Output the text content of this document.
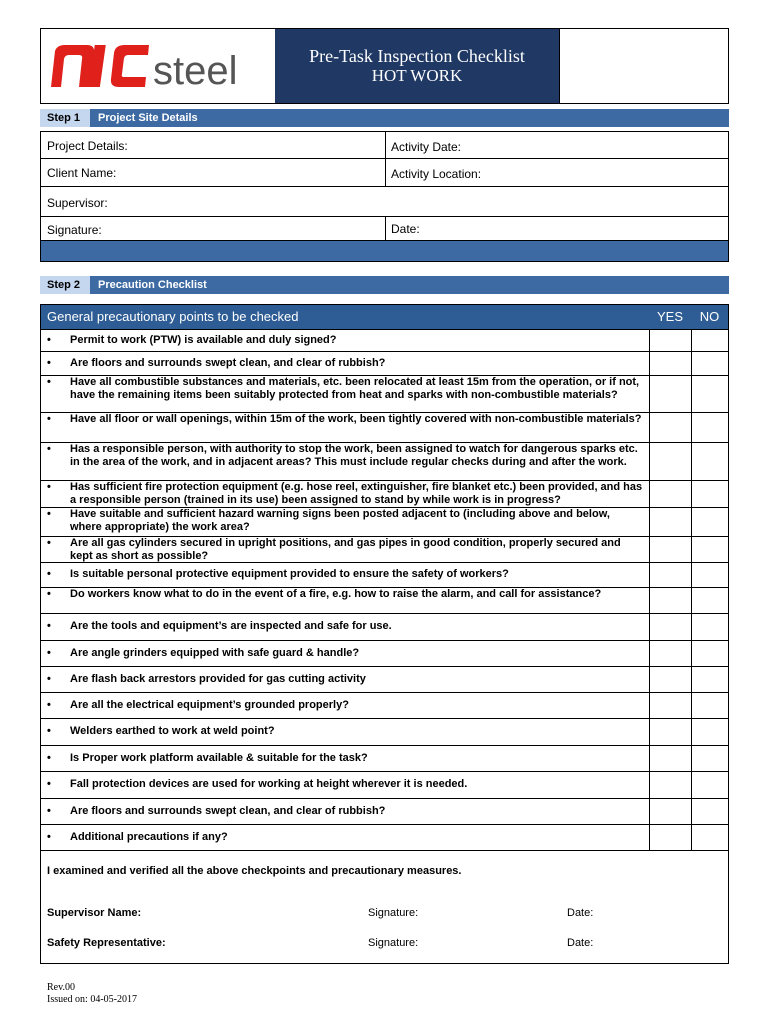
steel	Pre-Task Inspection Checklist
HOT WORK
Step 1	Project Site Details
Project Details:	Activity Date:
Client Name:	Activity Location:
Supervisor:
Signature:	Date:
Step 2	Precaution Checklist
General precautionary points to be checked	YES	NO
I examined and verified all the above checkpoints and precautionary measures.
Supervisor Name:	Signature:	Date:
Safety Representative:	Signature:	Date:
• Permit to work (PTW) is available and duly signed?
• Are floors and surrounds swept clean, and clear of rubbish?
• Have all combustible substances and materials, etc. been relocated at least 15m from the operation, or if not, have the remaining items been suitably protected from heat and sparks with non-combustible materials?
• Have all floor or wall openings, within 15m of the work, been tightly covered with non-combustible materials?
• Has a responsible person, with authority to stop the work, been assigned to watch for dangerous sparks etc. in the area of the work, and in adjacent areas? This must include regular checks during and after the work.
• Has sufficient fire protection equipment (e.g. hose reel, extinguisher, fire blanket etc.) been provided, and has a responsible person (trained in its use) been assigned to stand by while work is in progress?
• Have suitable and sufficient hazard warning signs been posted adjacent to (including above and below, where appropriate) the work area?
• Are all gas cylinders secured in upright positions, and gas pipes in good condition, properly secured and kept as short as possible?
• Is suitable personal protective equipment provided to ensure the safety of workers?
• Do workers know what to do in the event of a fire, e.g. how to raise the alarm, and call for assistance?
• Are the tools and equipment’s are inspected and safe for use.
• Are angle grinders equipped with safe guard & handle?
• Are flash back arrestors provided for gas cutting activity
• Are all the electrical equipment’s grounded properly?
• Welders earthed to work at weld point?
• Is Proper work platform available & suitable for the task?
• Fall protection devices are used for working at height wherever it is needed.
• Are floors and surrounds swept clean, and clear of rubbish?
• Additional precautions if any?
Rev.00
Issued on: 04-05-2017
